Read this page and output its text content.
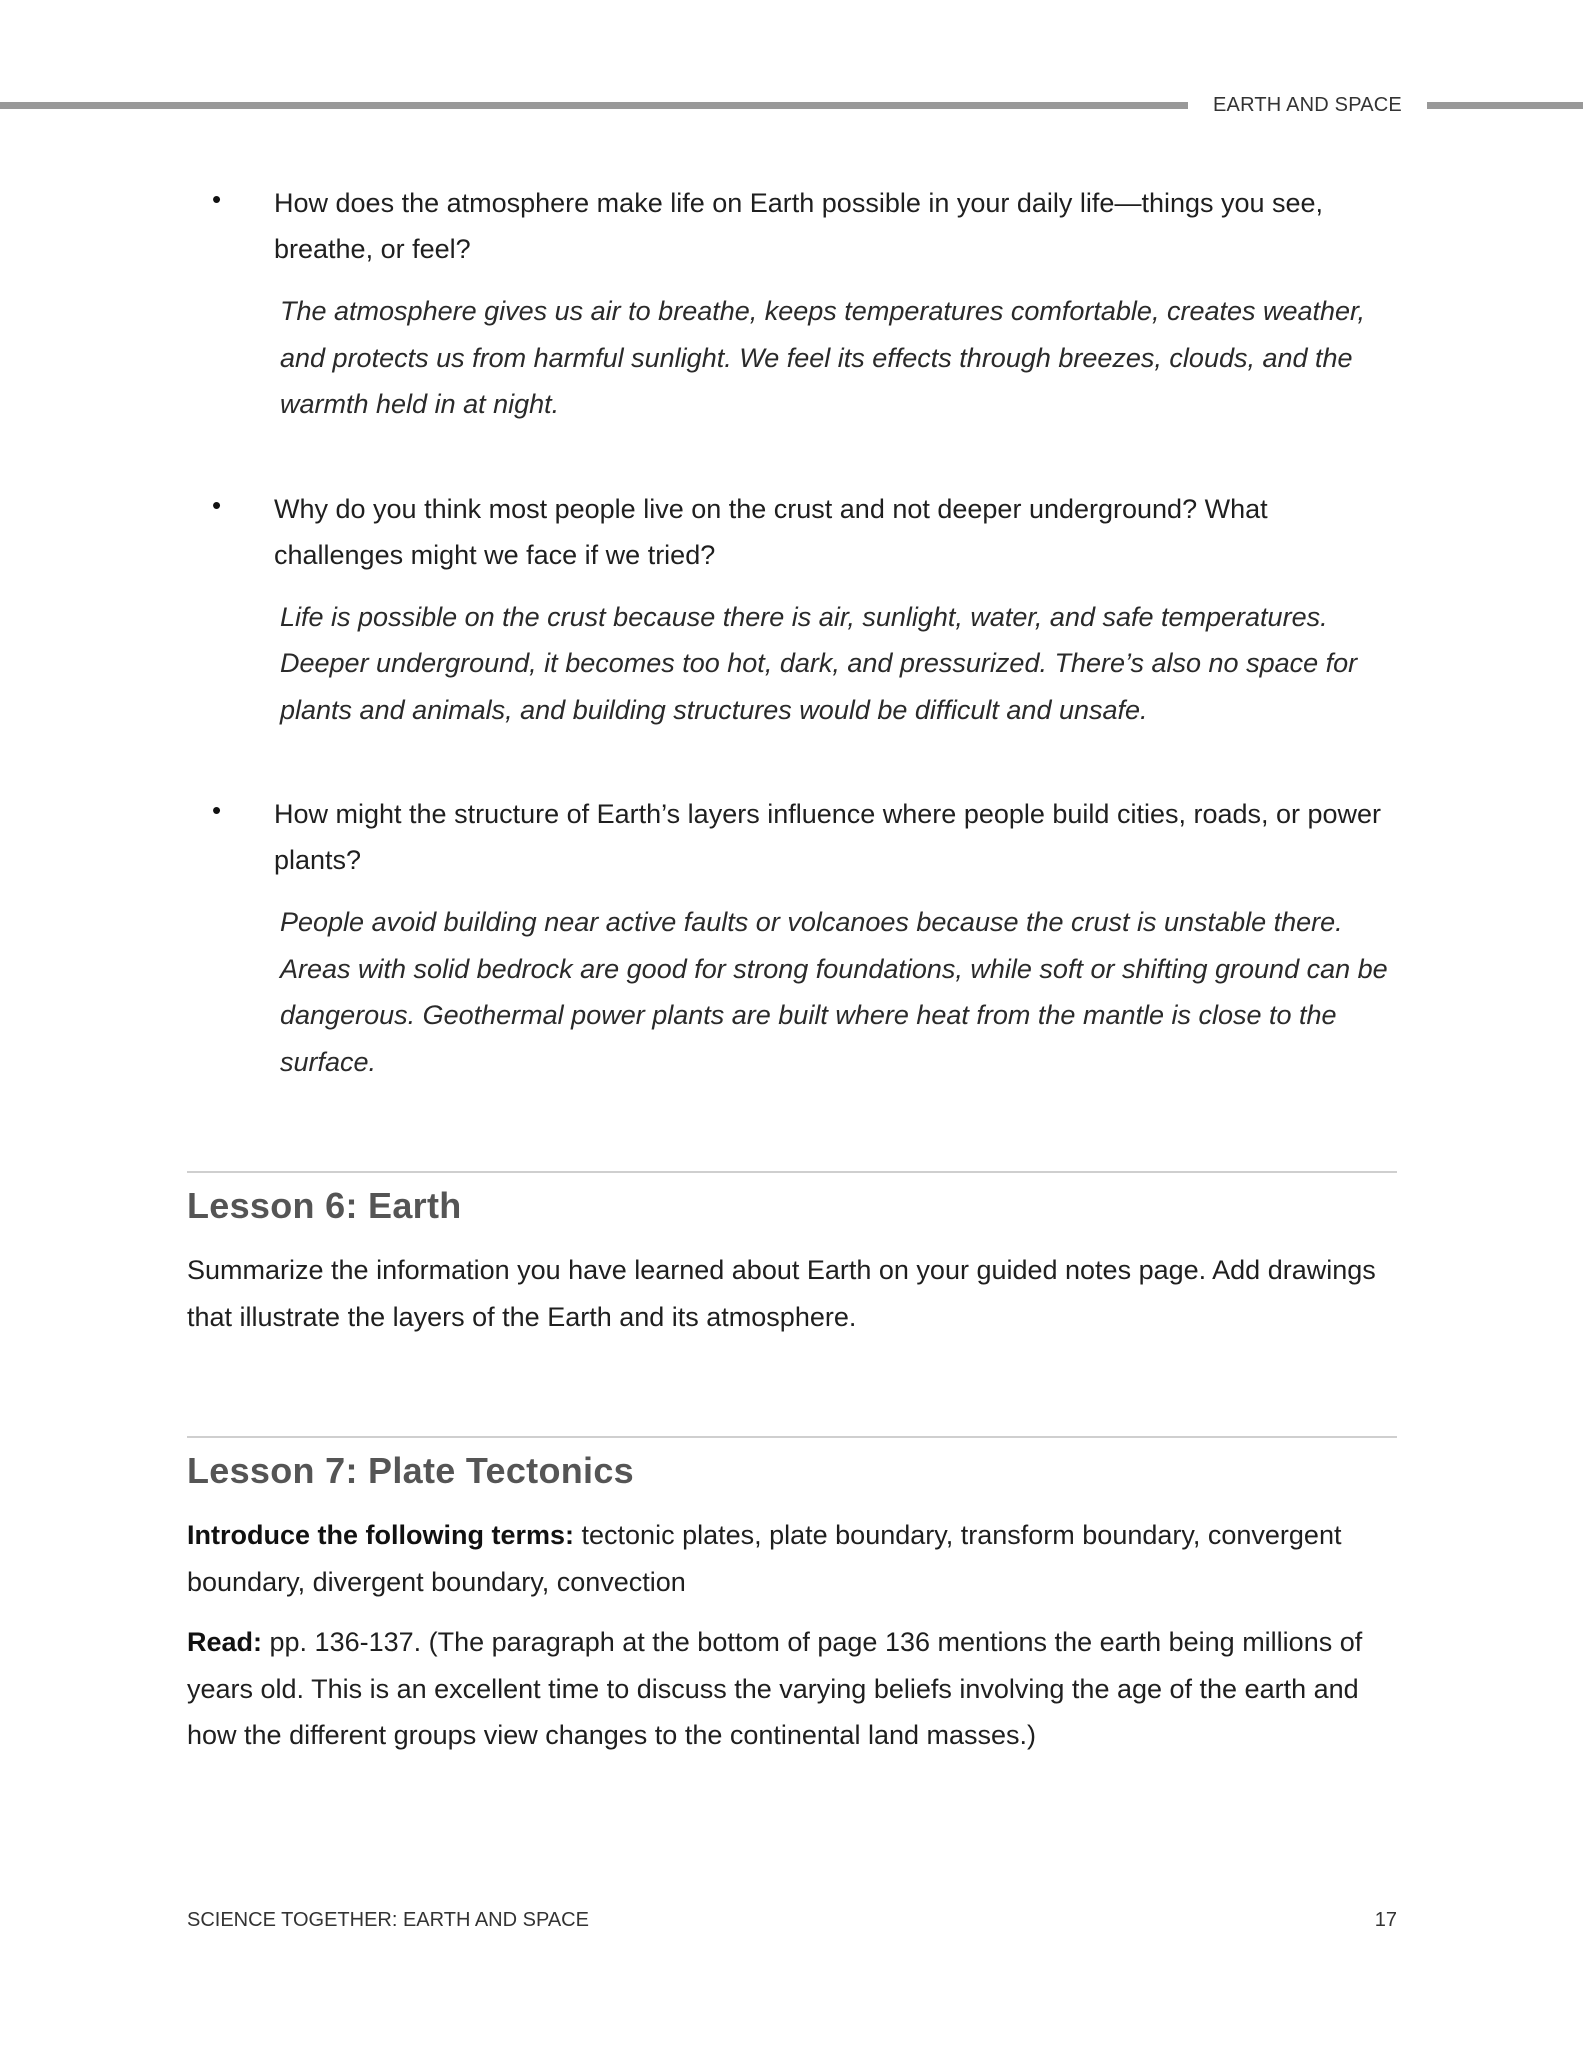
EARTH AND SPACE
• How does the atmosphere make life on Earth possible in your daily life—things you see, breathe, or feel?
The atmosphere gives us air to breathe, keeps temperatures comfortable, creates weather, and protects us from harmful sunlight. We feel its effects through breezes, clouds, and the warmth held in at night.
• Why do you think most people live on the crust and not deeper underground? What challenges might we face if we tried?
Life is possible on the crust because there is air, sunlight, water, and safe temperatures. Deeper underground, it becomes too hot, dark, and pressurized. There’s also no space for plants and animals, and building structures would be difficult and unsafe.
• How might the structure of Earth’s layers influence where people build cities, roads, or power plants?
People avoid building near active faults or volcanoes because the crust is unstable there. Areas with solid bedrock are good for strong foundations, while soft or shifting ground can be dangerous. Geothermal power plants are built where heat from the mantle is close to the surface.
Lesson 6: Earth

Summarize the information you have learned about Earth on your guided notes page. Add drawings that illustrate the layers of the Earth and its atmosphere.

Lesson 7: Plate Tectonics

Introduce the following terms: tectonic plates, plate boundary, transform boundary, convergent boundary, divergent boundary, convection

Read: pp. 136-137. (The paragraph at the bottom of page 136 mentions the earth being millions of years old. This is an excellent time to discuss the varying beliefs involving the age of the earth and how the different groups view changes to the continental land masses.)

SCIENCE TOGETHER: EARTH AND SPACE	17
